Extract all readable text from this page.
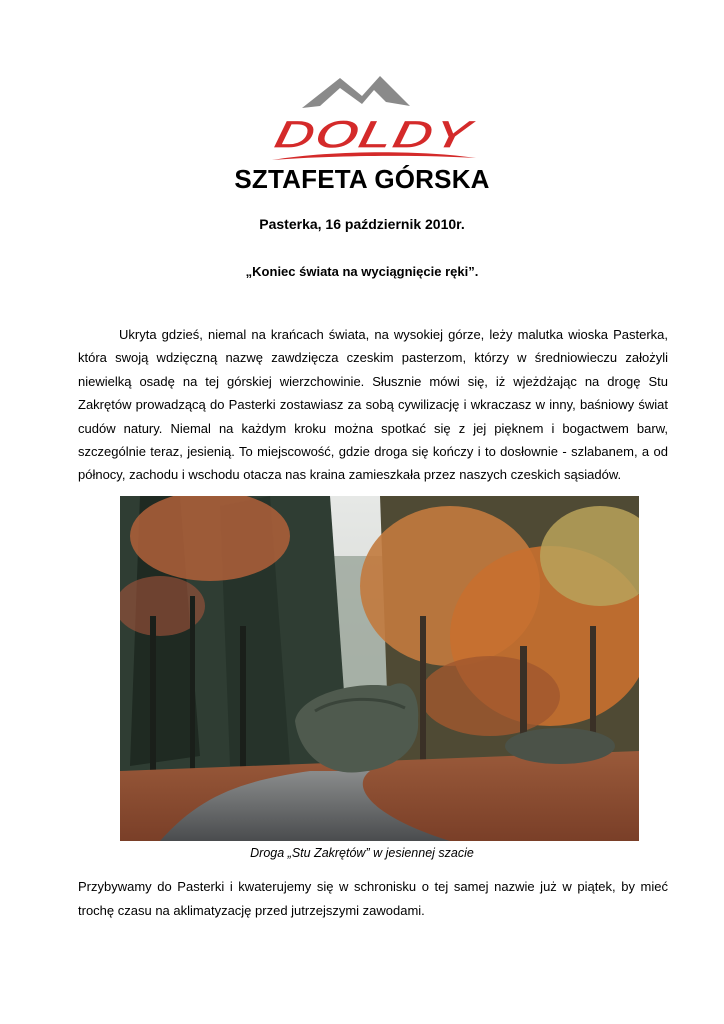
DOLDY
SZTAFETA GÓRSKA
Pasterka, 16 październik 2010r.
„Koniec świata na wyciągnięcie ręki”.

Ukryta gdzieś, niemal na krańcach świata, na wysokiej górze, leży malutka wioska Pasterka, która swoją wdzięczną nazwę zawdzięcza czeskim pasterzom, którzy w średniowieczu założyli niewielką osadę na tej górskiej wierzchowinie. Słusznie mówi się, iż wjeżdżając na drogę Stu Zakrętów prowadzącą do Pasterki zostawiasz za sobą cywilizację i wkraczasz w inny, baśniowy świat cudów natury. Niemal na każdym kroku można spotkać się z jej pięknem i bogactwem barw, szczególnie teraz, jesienią. To miejscowość, gdzie droga się kończy i to dosłownie - szlabanem, a od północy, zachodu i wschodu otacza nas kraina zamieszkała przez naszych czeskich sąsiadów.

Droga „Stu Zakrętów” w jesiennej szacie

Przybywamy do Pasterki i kwaterujemy się w schronisku o tej samej nazwie już w piątek, by mieć trochę czasu na aklimatyzację przed jutrzejszymi zawodami.
